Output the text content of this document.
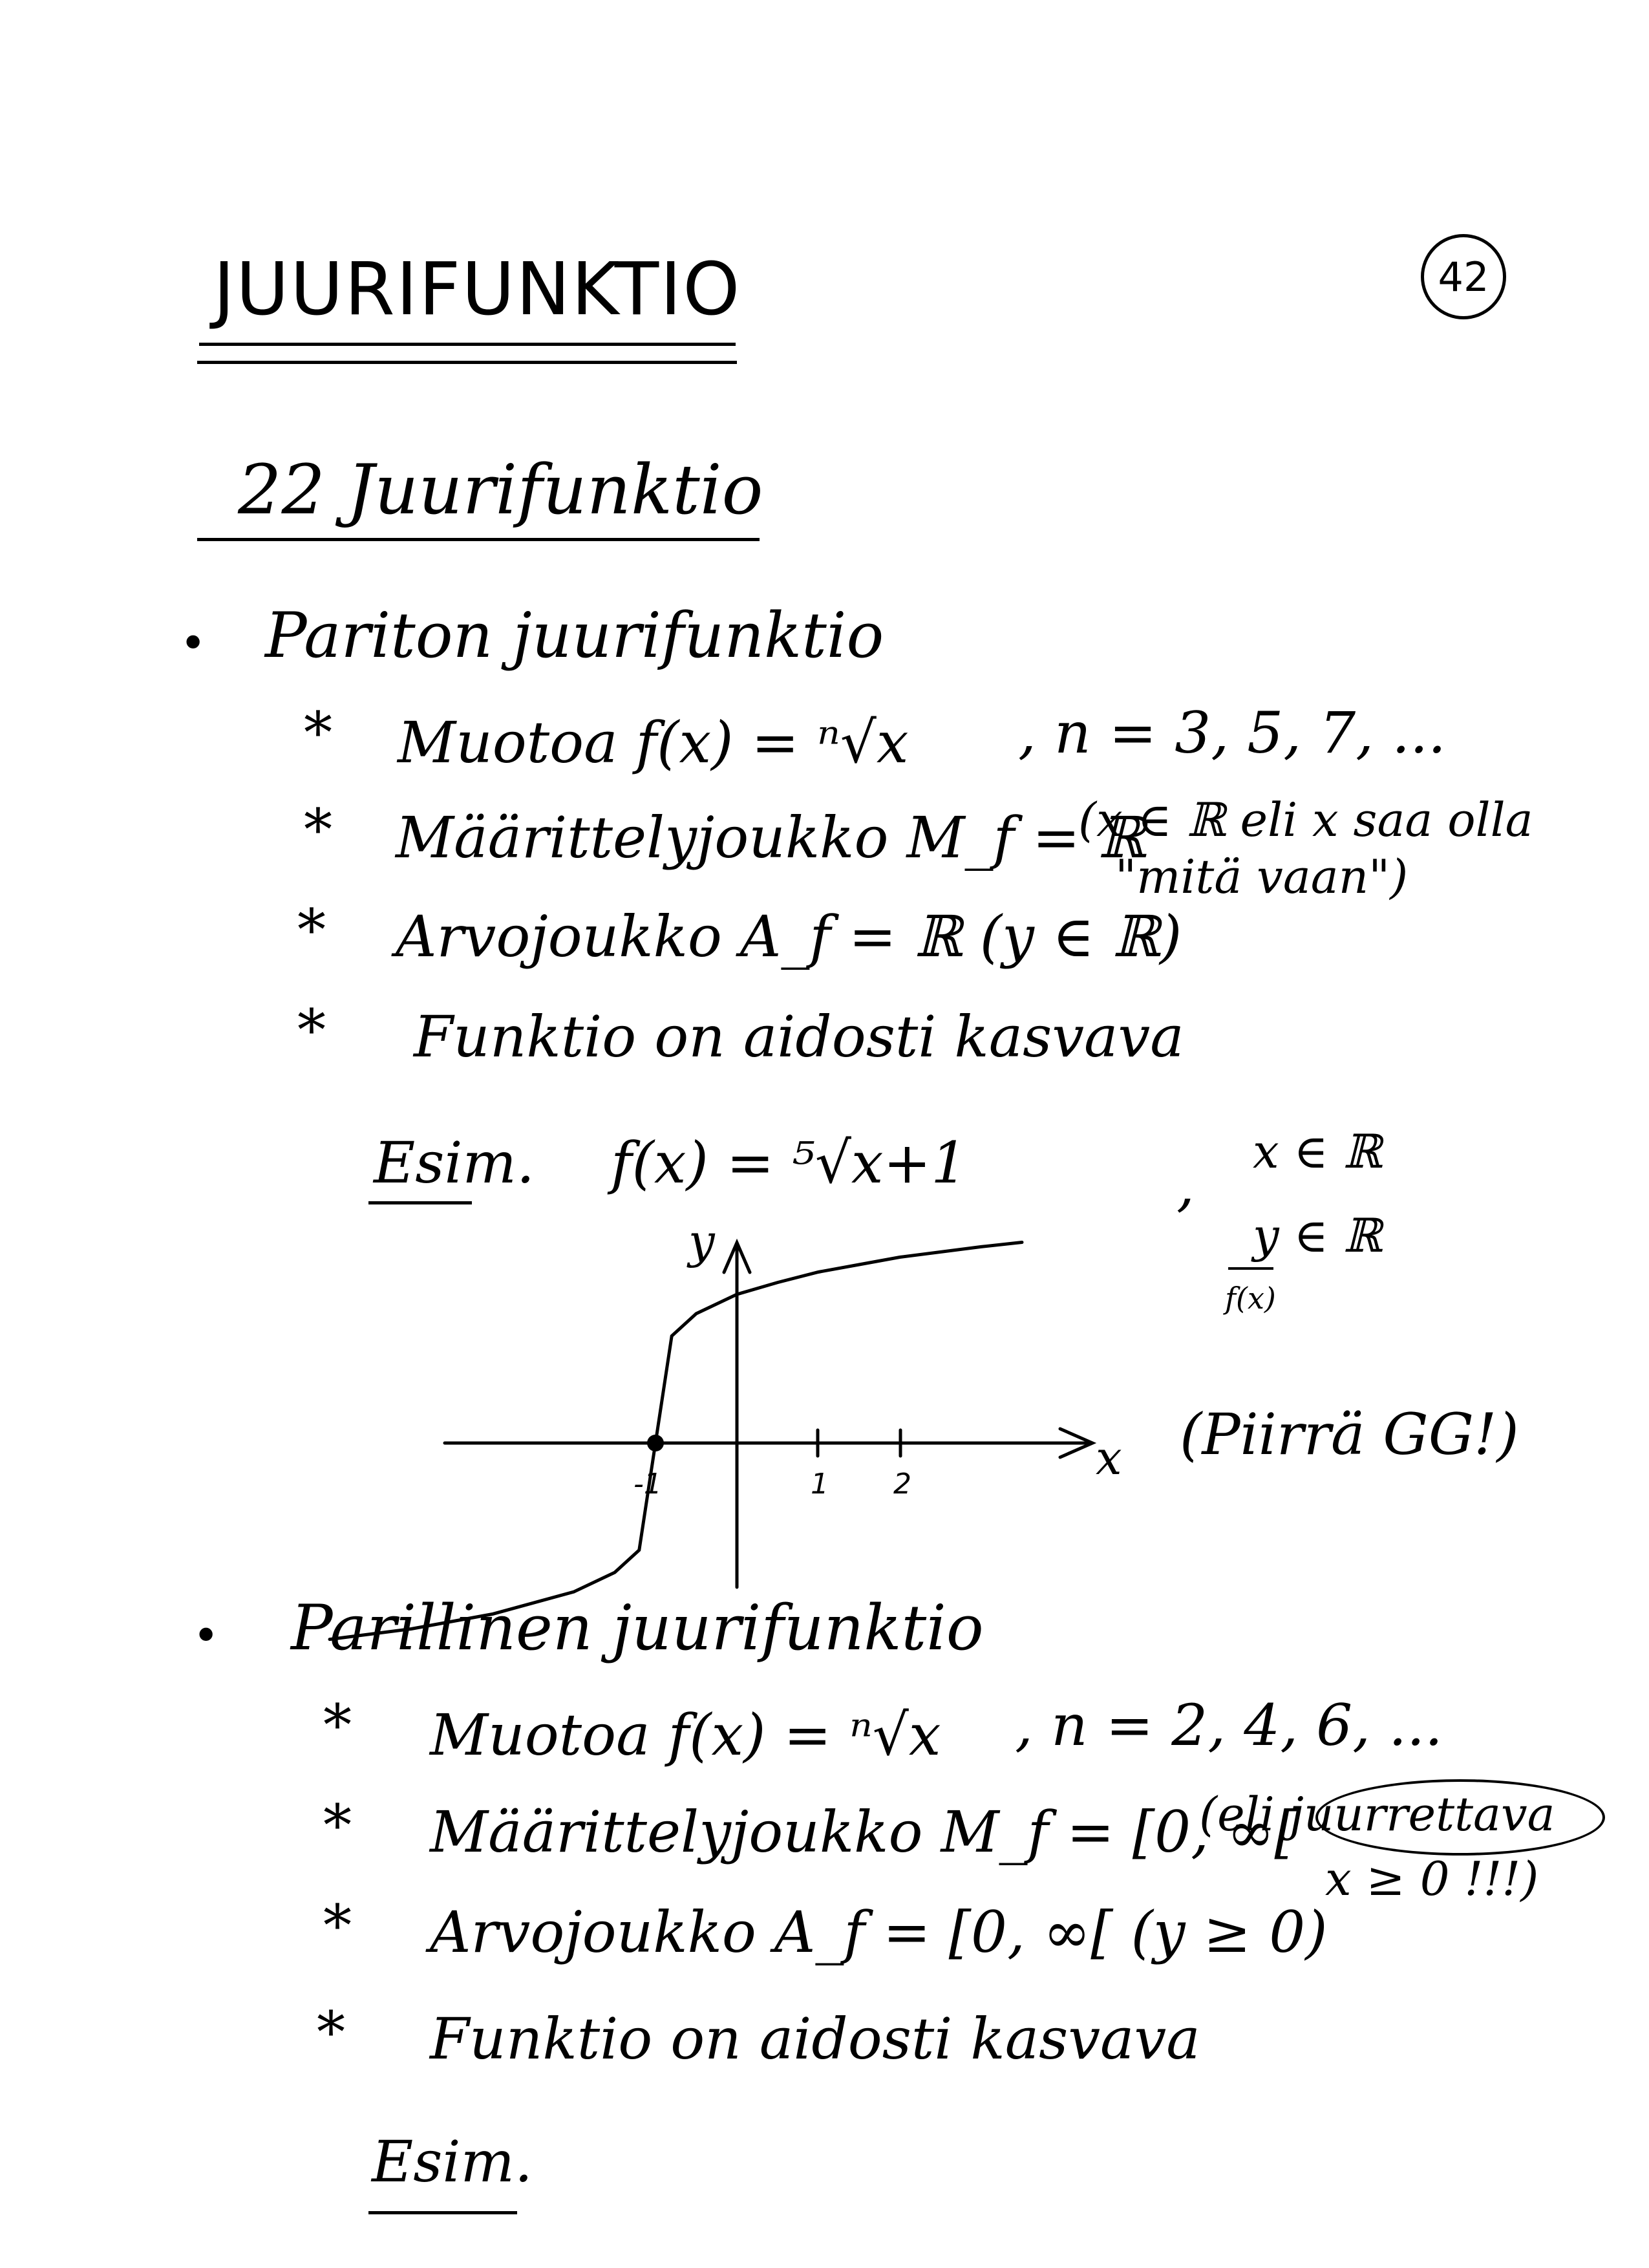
42
JUURIFUNKTIO
22 Juurifunktio
• Pariton juurifunktio
* Muotoa f(x) = ⁿ√x , n = 3, 5, 7, ...
* Määrittelyjoukko M_f = ℝ
(x ∈ ℝ eli x saa olla
* Arvojoukko A_f = ℝ (y ∈ ℝ)
"mitä vaan")
* Funktio on aidosti kasvava
Esim. f(x) = ⁵√x+1	,
x ∈ ℝ
y ∈ ℝ
f(x)
(Piirrä GG!)
x
y
-1	1 2
• Parillinen juurifunktio
* Muotoa f(x) = ⁿ√x , n = 2, 4, 6, ...
* Määrittelyjoukko M_f = [0, ∞[
(eli juurrettava
x ≥ 0 !!!)
* Arvojoukko A_f = [0, ∞[ (y ≥ 0)
* Funktio on aidosti kasvava
Esim.
